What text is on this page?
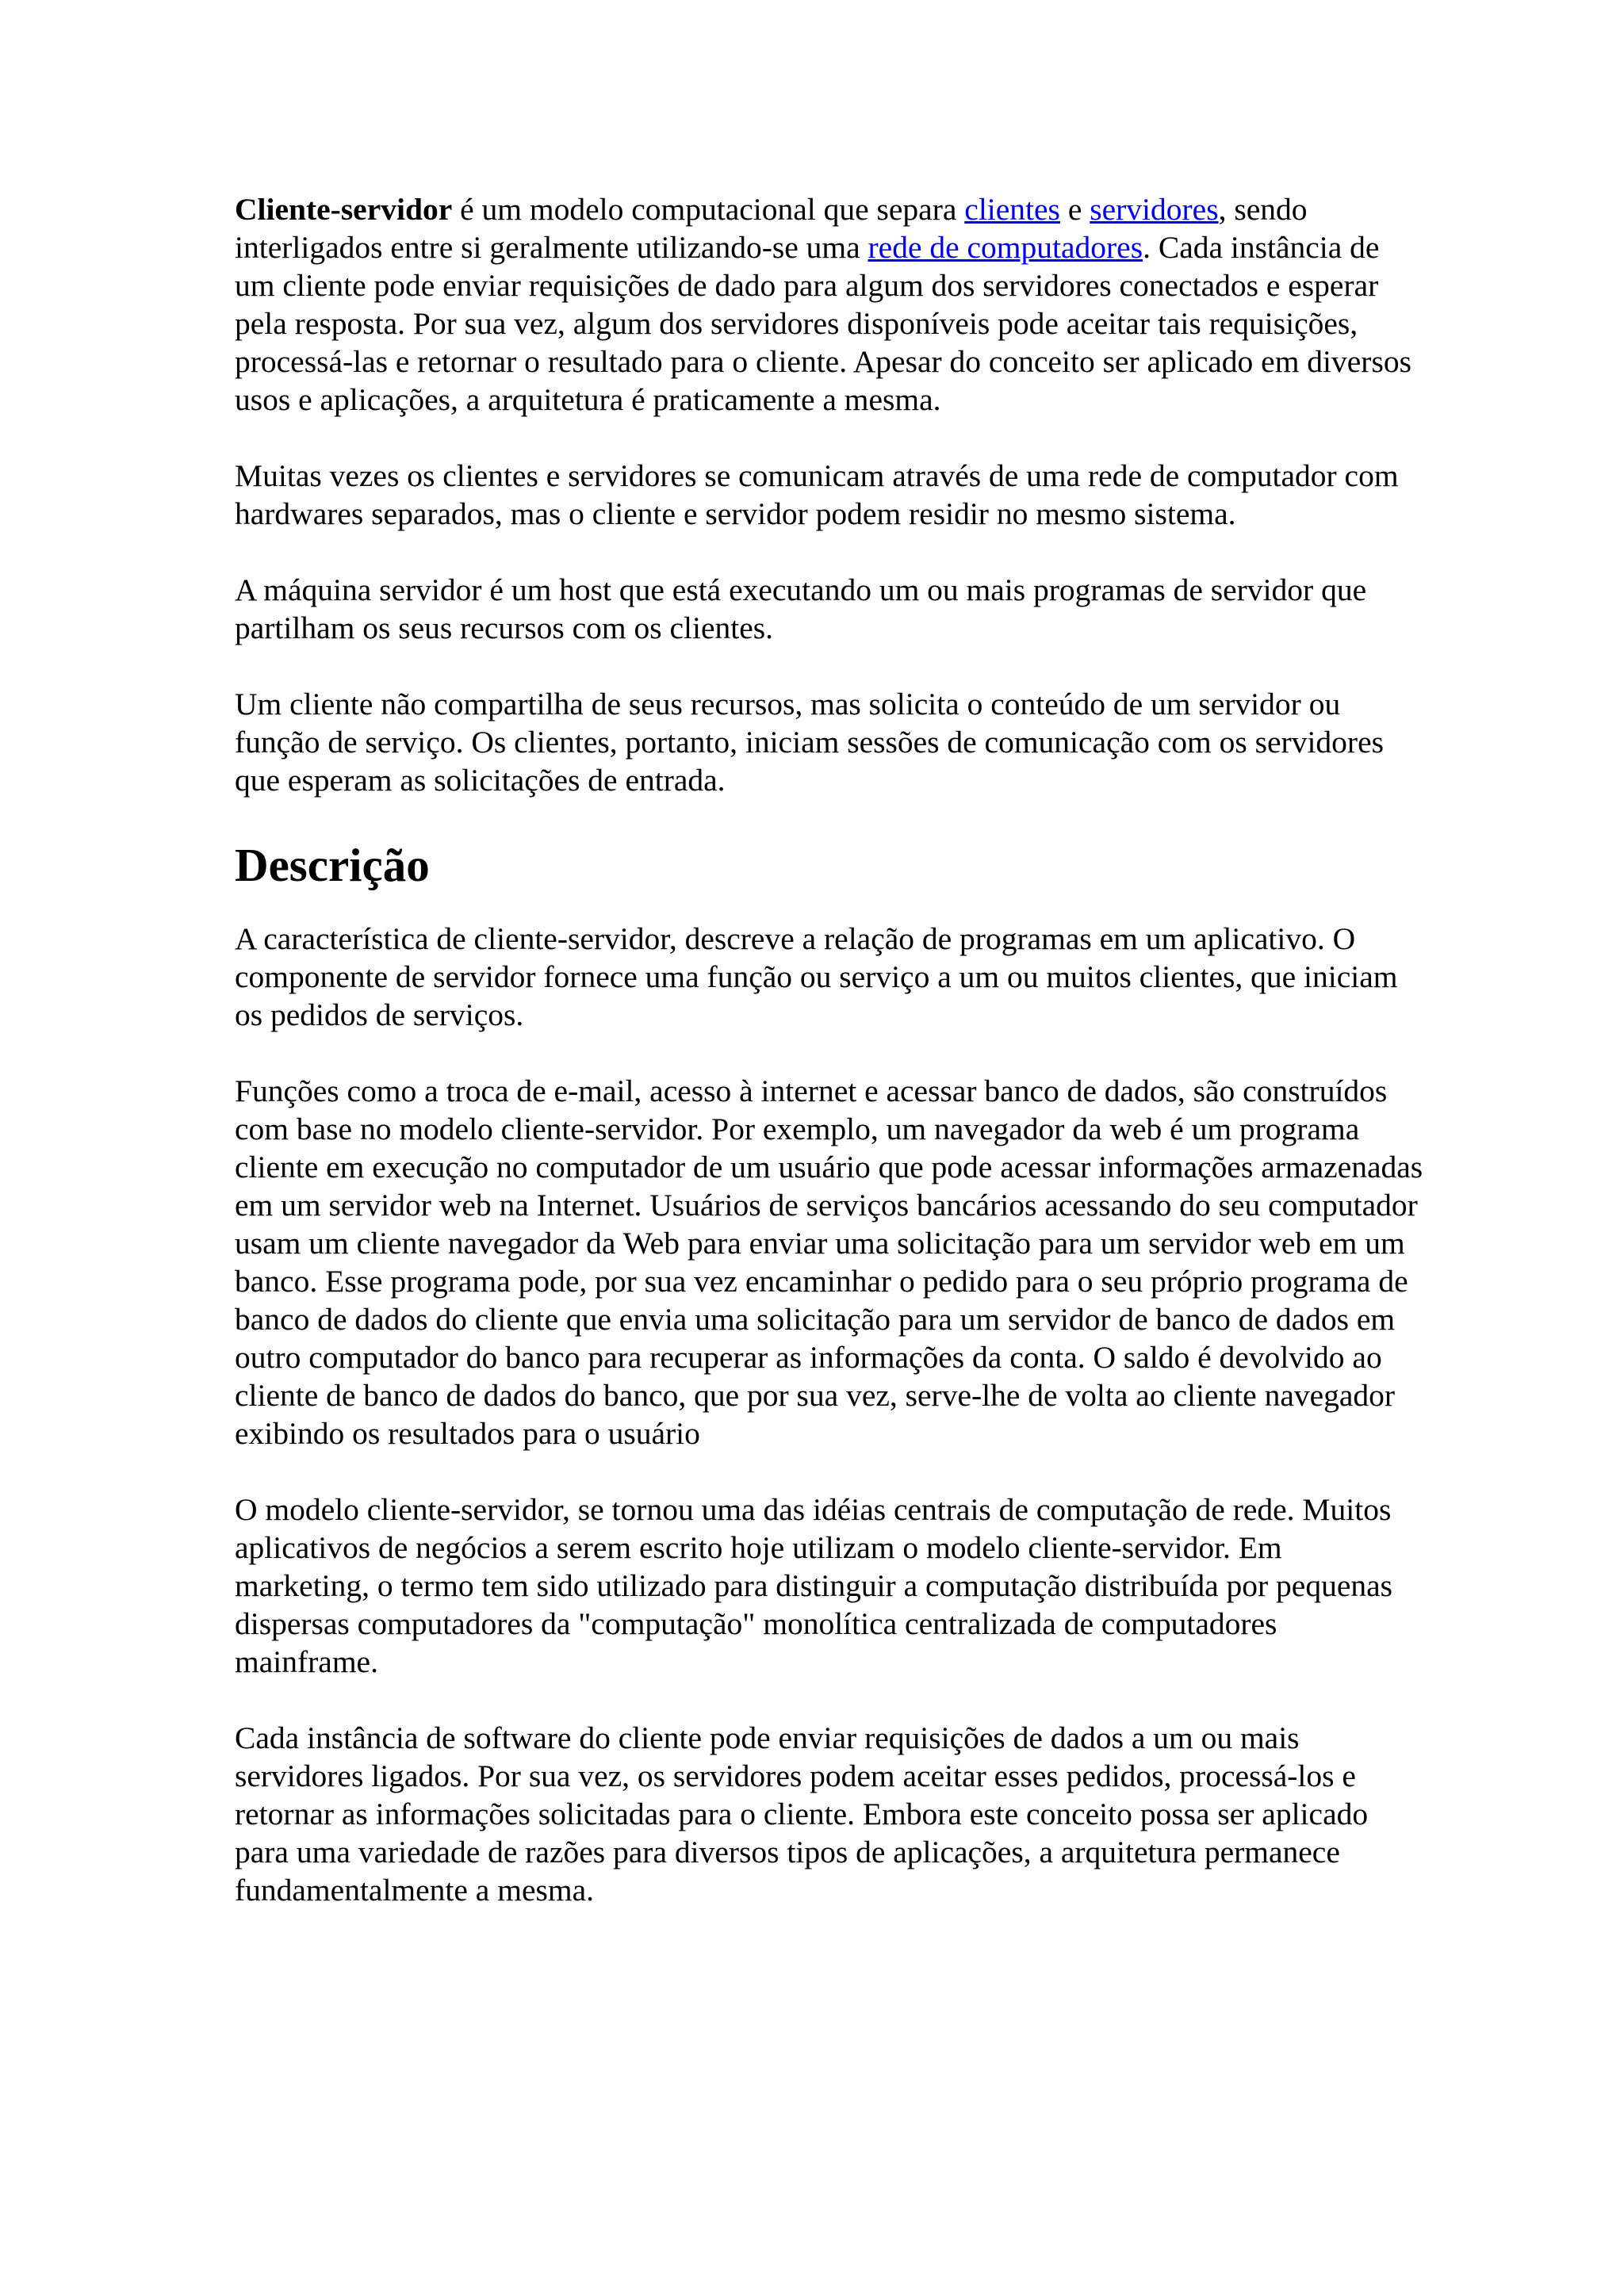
Cliente-servidor é um modelo computacional que separa clientes e servidores, sendo interligados entre si geralmente utilizando-se uma rede de computadores. Cada instância de um cliente pode enviar requisições de dado para algum dos servidores conectados e esperar pela resposta. Por sua vez, algum dos servidores disponíveis pode aceitar tais requisições, processá-las e retornar o resultado para o cliente. Apesar do conceito ser aplicado em diversos usos e aplicações, a arquitetura é praticamente a mesma.

Muitas vezes os clientes e servidores se comunicam através de uma rede de computador com hardwares separados, mas o cliente e servidor podem residir no mesmo sistema.

A máquina servidor é um host que está executando um ou mais programas de servidor que partilham os seus recursos com os clientes.

Um cliente não compartilha de seus recursos, mas solicita o conteúdo de um servidor ou função de serviço. Os clientes, portanto, iniciam sessões de comunicação com os servidores que esperam as solicitações de entrada.

Descrição

A característica de cliente-servidor, descreve a relação de programas em um aplicativo. O componente de servidor fornece uma função ou serviço a um ou muitos clientes, que iniciam os pedidos de serviços.

Funções como a troca de e-mail, acesso à internet e acessar banco de dados, são construídos com base no modelo cliente-servidor. Por exemplo, um navegador da web é um programa cliente em execução no computador de um usuário que pode acessar informações armazenadas em um servidor web na Internet. Usuários de serviços bancários acessando do seu computador usam um cliente navegador da Web para enviar uma solicitação para um servidor web em um banco. Esse programa pode, por sua vez encaminhar o pedido para o seu próprio programa de banco de dados do cliente que envia uma solicitação para um servidor de banco de dados em outro computador do banco para recuperar as informações da conta. O saldo é devolvido ao cliente de banco de dados do banco, que por sua vez, serve-lhe de volta ao cliente navegador exibindo os resultados para o usuário

O modelo cliente-servidor, se tornou uma das idéias centrais de computação de rede. Muitos aplicativos de negócios a serem escrito hoje utilizam o modelo cliente-servidor. Em marketing, o termo tem sido utilizado para distinguir a computação distribuída por pequenas dispersas computadores da "computação" monolítica centralizada de computadores mainframe.

Cada instância de software do cliente pode enviar requisições de dados a um ou mais servidores ligados. Por sua vez, os servidores podem aceitar esses pedidos, processá-los e retornar as informações solicitadas para o cliente. Embora este conceito possa ser aplicado para uma variedade de razões para diversos tipos de aplicações, a arquitetura permanece fundamentalmente a mesma.
